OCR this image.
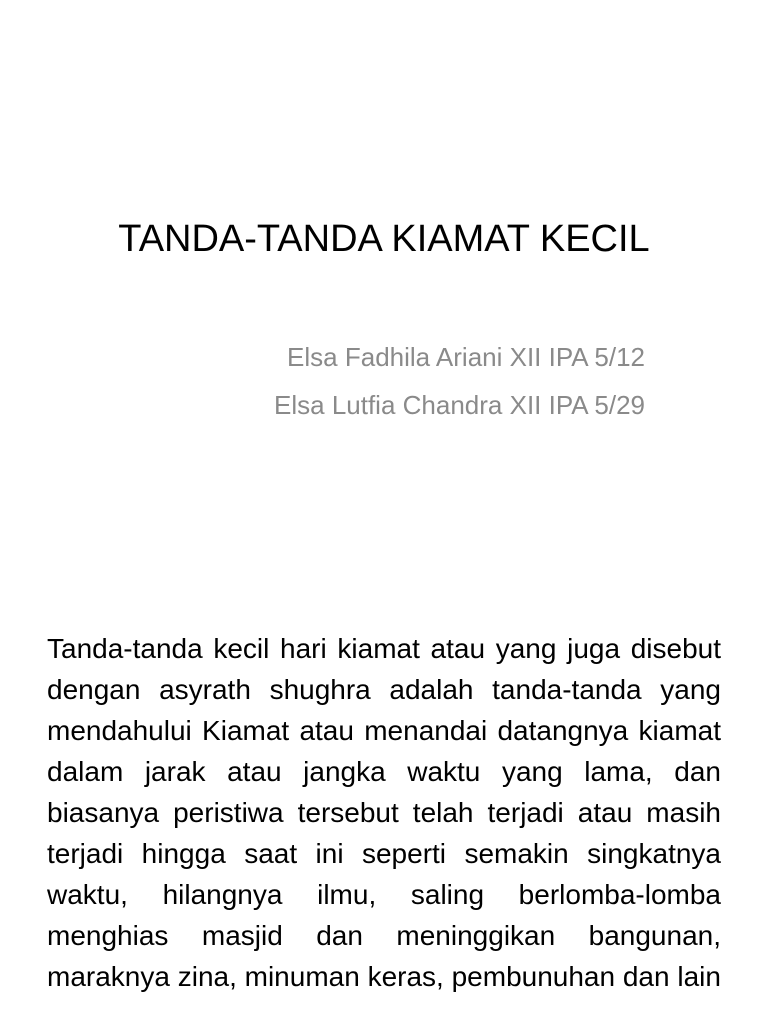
TANDA-TANDA KIAMAT KECIL
Elsa Fadhila Ariani XII IPA 5/12
Elsa Lutfia Chandra XII IPA 5/29

Tanda-tanda kecil hari kiamat atau yang juga disebut dengan asyrath shughra adalah tanda-tanda yang mendahului Kiamat atau menandai datangnya kiamat dalam jarak atau jangka waktu yang lama, dan biasanya peristiwa tersebut telah terjadi atau masih terjadi hingga saat ini seperti semakin singkatnya waktu, hilangnya ilmu, saling berlomba-lomba menghias masjid dan meninggikan bangunan, maraknya zina, minuman keras, pembunuhan dan lain
